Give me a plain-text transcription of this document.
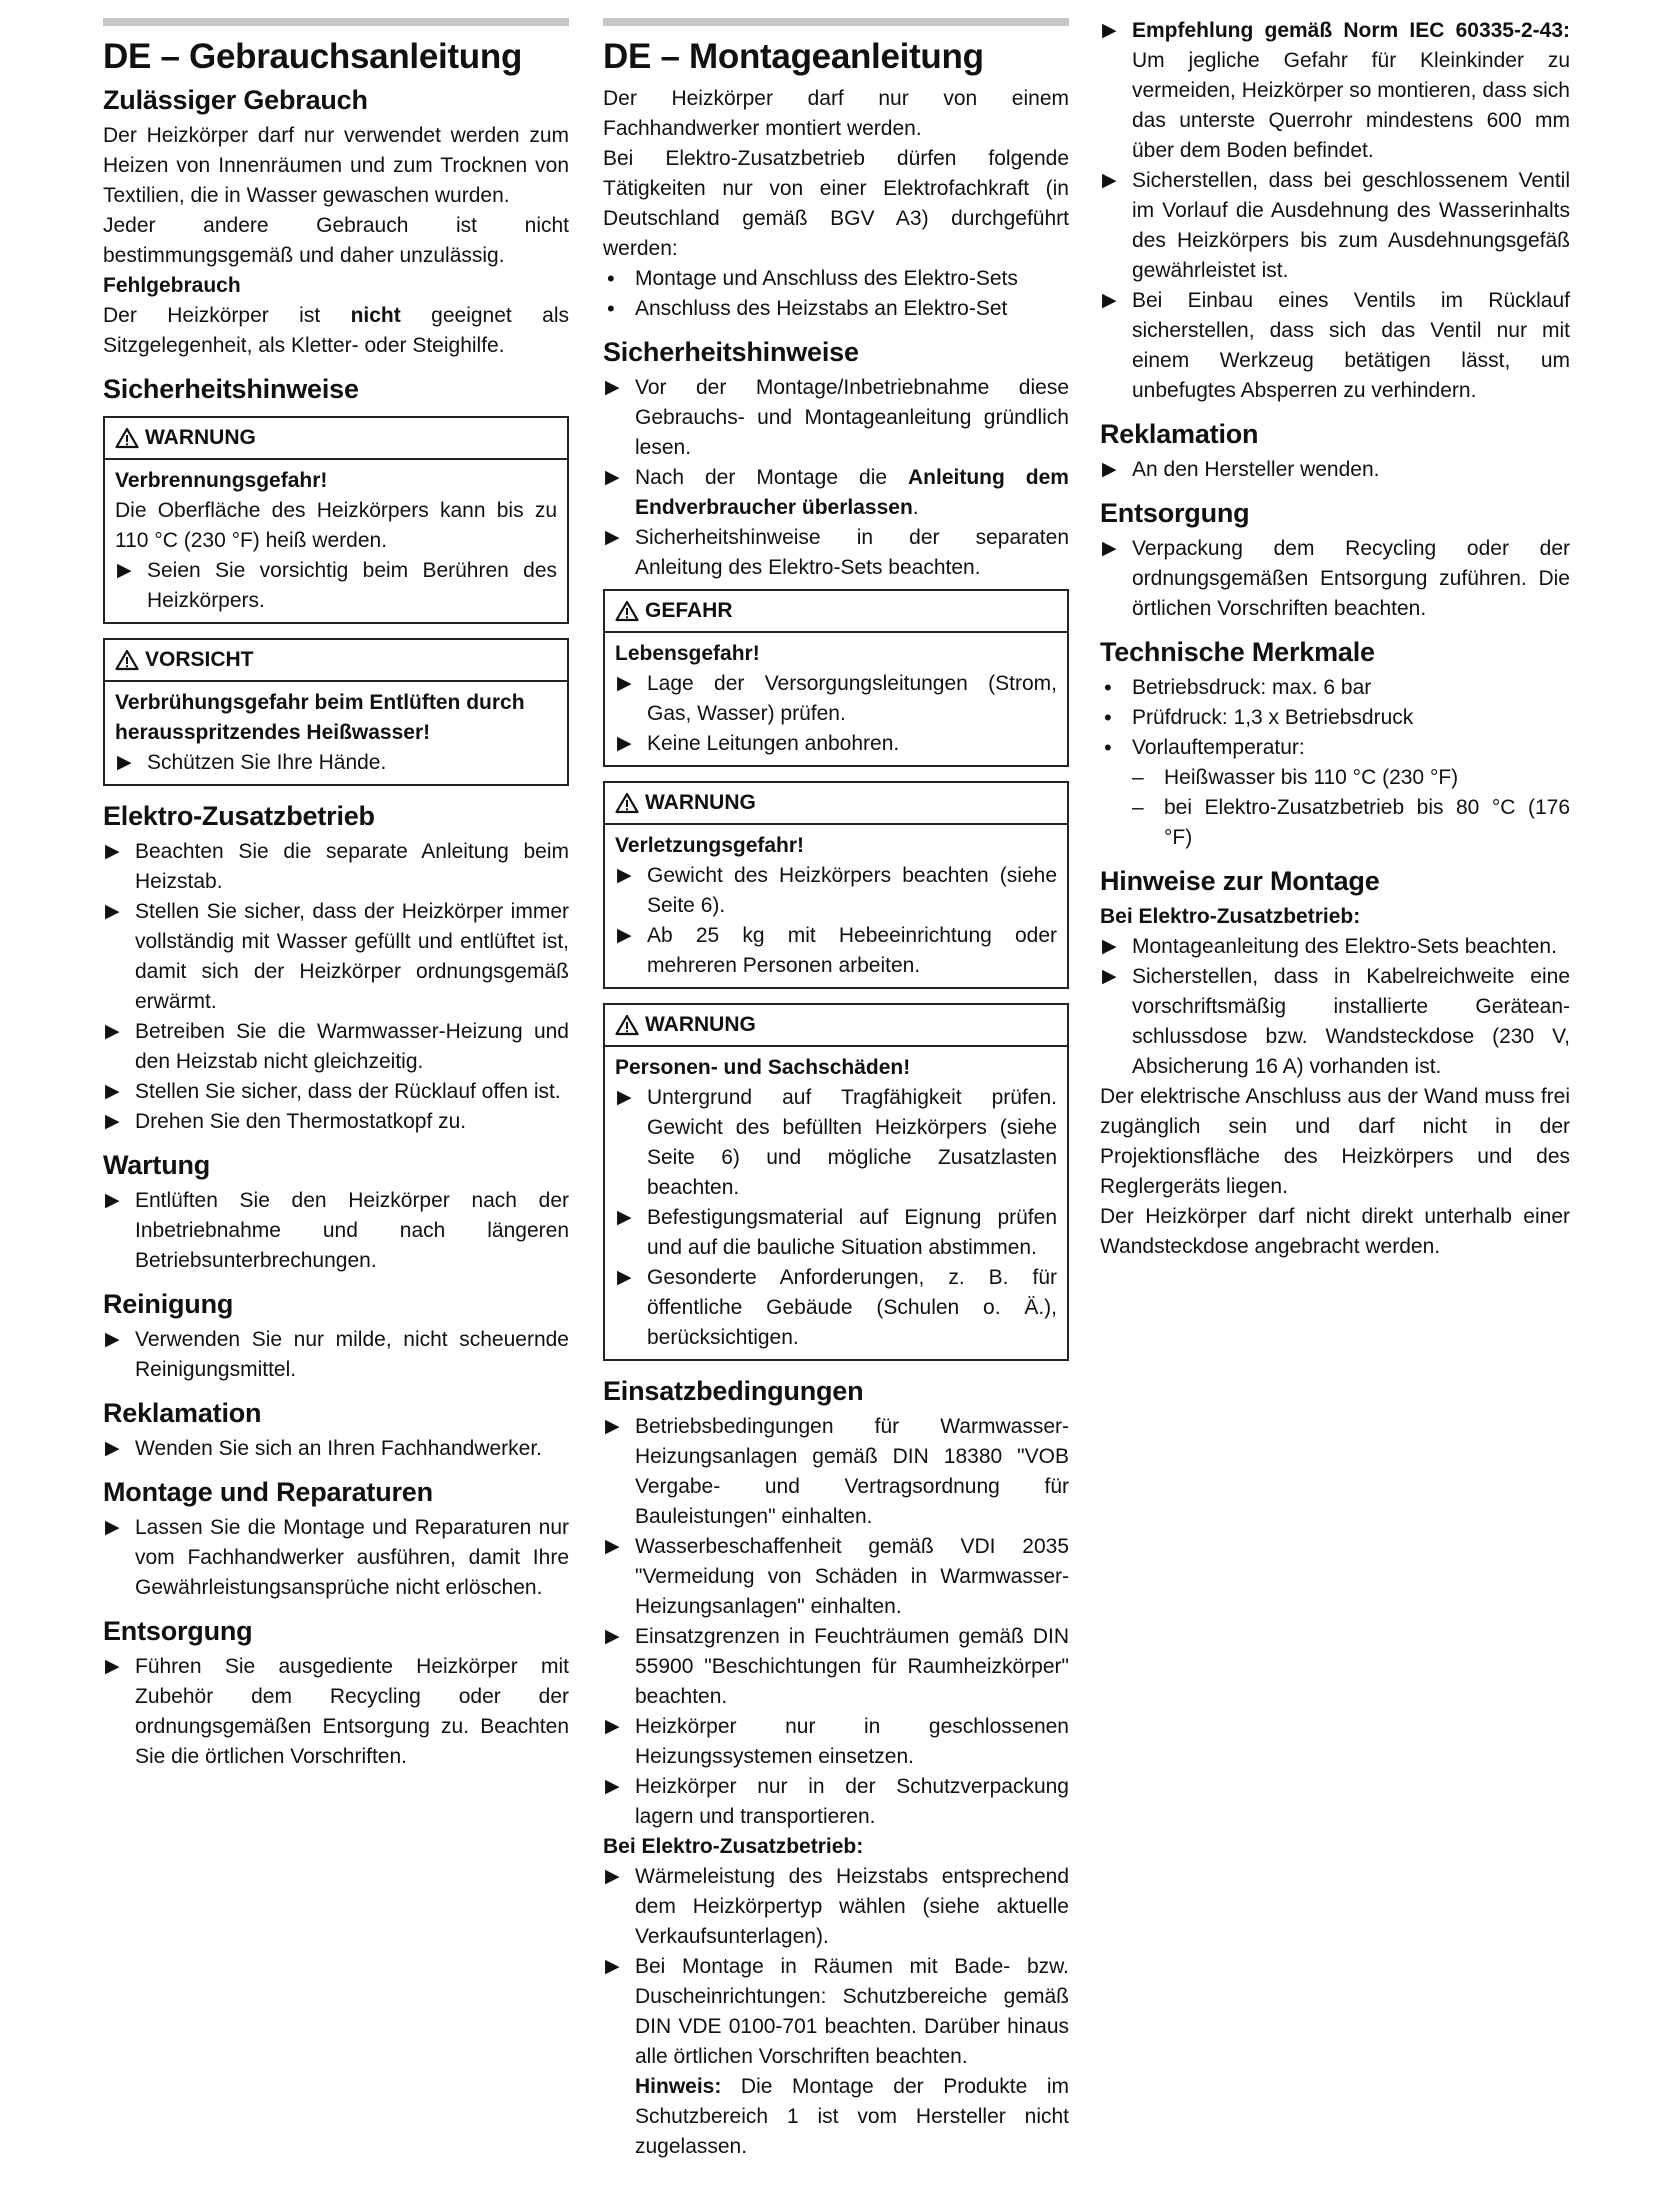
DE – Gebrauchsanleitung
Zulässiger Gebrauch

Der Heizkörper darf nur verwendet werden zum Heizen von Innenräumen und zum Trocknen von Textilien, die in Wasser gewaschen wurden.

Jeder andere Gebrauch ist nicht bestimmungsgemäß und daher unzulässig.

Fehlgebrauch

Der Heizkörper ist nicht geeignet als Sitzgelegenheit, als Kletter- oder Steighilfe.

Sicherheitshinweise
WARNUNG
Verbrennungsgefahr!

Die Oberfläche des Heizkörpers kann bis zu 110 °C (230 °F) heiß werden.

▶ Seien Sie vorsichtig beim Berühren des Heizkörpers.
VORSICHT
Verbrühungsgefahr beim Entlüften durch herausspritzendes Heißwasser!
▶ Schützen Sie Ihre Hände.
Elektro-Zusatzbetrieb
▶ Beachten Sie die separate Anleitung beim Heizstab.
▶ Stellen Sie sicher, dass der Heizkörper immer vollständig mit Wasser gefüllt und entlüftet ist, damit sich der Heizkörper ordnungsgemäß erwärmt.
▶ Betreiben Sie die Warmwasser-Heizung und den Heizstab nicht gleichzeitig.
▶ Stellen Sie sicher, dass der Rücklauf offen ist.
▶ Drehen Sie den Thermostatkopf zu.
Wartung
▶ Entlüften Sie den Heizkörper nach der Inbetriebnahme und nach längeren Betriebsunterbrechungen.
Reinigung
▶ Verwenden Sie nur milde, nicht scheuernde Reinigungsmittel.
Reklamation
▶ Wenden Sie sich an Ihren Fachhandwerker.
Montage und Reparaturen
▶ Lassen Sie die Montage und Reparaturen nur vom Fachhandwerker ausführen, damit Ihre Gewährleistungsansprüche nicht erlöschen.
Entsorgung
▶ Führen Sie ausgediente Heizkörper mit Zubehör dem Recycling oder der ordnungsgemäßen Entsorgung zu. Beachten Sie die örtlichen Vorschriften.
DE – Montageanleitung

Der Heizkörper darf nur von einem Fachhandwerker montiert werden.

Bei Elektro-Zusatzbetrieb dürfen folgende Tätigkeiten nur von einer Elektrofachkraft (in Deutschland gemäß BGV A3) durchgeführt werden:

• Montage und Anschluss des Elektro-Sets
• Anschluss des Heizstabs an Elektro-Set
Sicherheitshinweise
▶ Vor der Montage/Inbetriebnahme diese Gebrauchs- und Montageanleitung gründlich lesen.
▶ Nach der Montage die Anleitung dem Endverbraucher überlassen.
▶ Sicherheitshinweise in der separaten Anleitung des Elektro-Sets beachten.
GEFAHR
Lebensgefahr!
▶ Lage der Versorgungsleitungen (Strom, Gas, Wasser) prüfen.
▶ Keine Leitungen anbohren.
WARNUNG
Verletzungsgefahr!
▶ Gewicht des Heizkörpers beachten (siehe Seite 6).
▶ Ab 25 kg mit Hebeeinrichtung oder mehreren Personen arbeiten.
WARNUNG
Personen- und Sachschäden!
▶ Untergrund auf Tragfähigkeit prüfen. Gewicht des befüllten Heizkörpers (siehe Seite 6) und mögliche Zusatzlasten beachten.
▶ Befestigungsmaterial auf Eignung prüfen und auf die bauliche Situation abstimmen.
▶ Gesonderte Anforderungen, z. B. für öffentliche Gebäude (Schulen o. Ä.), berücksichtigen.
Einsatzbedingungen
▶ Betriebsbedingungen für Warmwasser-Heizungsanlagen gemäß DIN 18380 "VOB Vergabe- und Vertragsordnung für Bauleistungen" einhalten.
▶ Wasserbeschaffenheit gemäß VDI 2035 "Vermeidung von Schäden in Warmwasser-Heizungsanlagen" einhalten.
▶ Einsatzgrenzen in Feuchträumen gemäß DIN 55900 "Beschichtungen für Raumheizkörper" beachten.
▶ Heizkörper nur in geschlossenen Heizungssystemen einsetzen.
▶ Heizkörper nur in der Schutzverpackung lagern und transportieren.
Bei Elektro-Zusatzbetrieb:
▶ Wärmeleistung des Heizstabs entsprechend dem Heizkörpertyp wählen (siehe aktuelle Verkaufsunterlagen).
▶ Bei Montage in Räumen mit Bade- bzw. Duscheinrichtungen: Schutzbereiche gemäß DIN VDE 0100-701 beachten. Darüber hinaus alle örtlichen Vorschriften beachten.
Hinweis: Die Montage der Produkte im Schutzbereich 1 ist vom Hersteller nicht zugelassen.
▶ Empfehlung gemäß Norm IEC 60335-2-43: Um jegliche Gefahr für Kleinkinder zu vermeiden, Heizkörper so montieren, dass sich das unterste Querrohr mindestens 600 mm über dem Boden befindet.
▶ Sicherstellen, dass bei geschlossenem Ventil im Vorlauf die Ausdehnung des Wasserinhalts des Heizkörpers bis zum Ausdehnungsgefäß gewährleistet ist.
▶ Bei Einbau eines Ventils im Rücklauf sicherstellen, dass sich das Ventil nur mit einem Werkzeug betätigen lässt, um unbefugtes Absperren zu verhindern.
Reklamation
▶ An den Hersteller wenden.
Entsorgung
▶ Verpackung dem Recycling oder der ordnungsgemäßen Entsorgung zuführen. Die örtlichen Vorschriften beachten.
Technische Merkmale
• Betriebsdruck: max. 6 bar
• Prüfdruck: 1,3 x Betriebsdruck
• Vorlauftemperatur:
– Heißwasser bis 110 °C (230 °F)
– bei Elektro-Zusatzbetrieb bis 80 °C (176 °F)
Hinweise zur Montage
Bei Elektro-Zusatzbetrieb:
▶ Montageanleitung des Elektro-Sets beachten.
▶ Sicherstellen, dass in Kabelreichweite eine vorschriftsmäßig installierte Geräteanschlussdose bzw. Wandsteckdose (230 V, Absicherung 16 A) vorhanden ist.

Der elektrische Anschluss aus der Wand muss frei zugänglich sein und darf nicht in der Projektionsfläche des Heizkörpers und des Reglergeräts liegen.

Der Heizkörper darf nicht direkt unterhalb einer Wandsteckdose angebracht werden.
